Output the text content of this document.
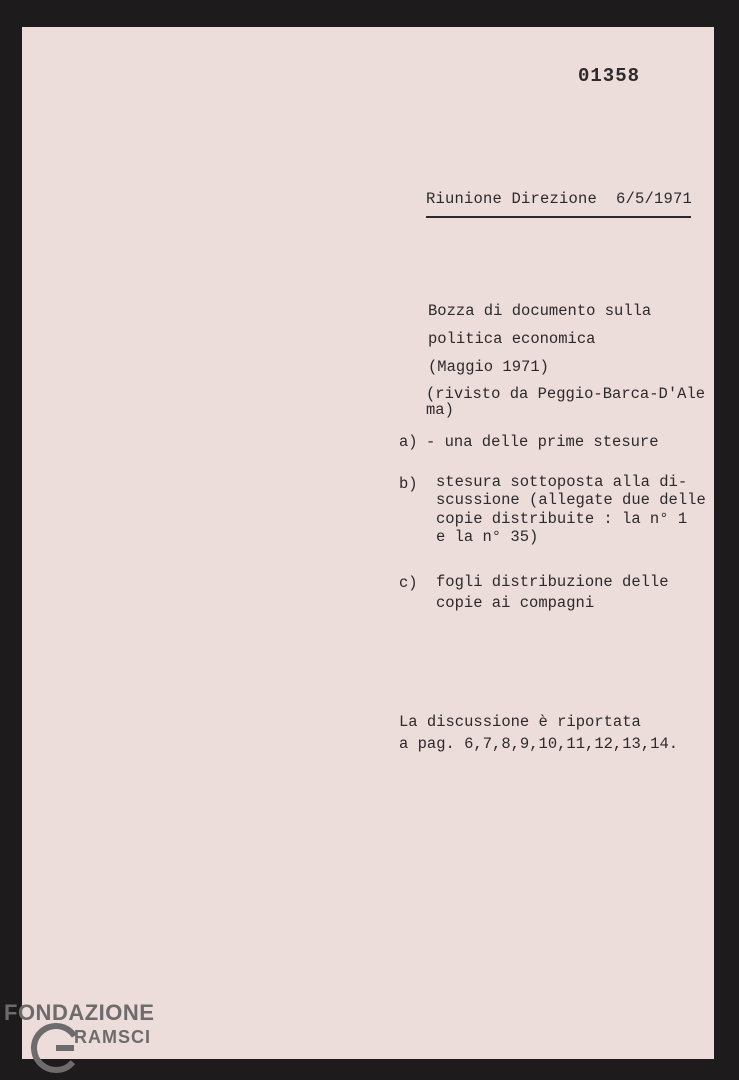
01358
Riunione Direzione  6/5/1971
Bozza di documento sulla
politica economica
(Maggio 1971)
(rivisto da Peggio-Barca-D'Ale
ma)
a) - una delle prime stesure
b) stesura sottoposta alla di-
scussione (allegate due delle
copie distribuite : la n° 1
e la n° 35)
c) fogli distribuzione delle
copie ai compagni
La discussione è riportata
a pag. 6,7,8,9,10,11,12,13,14.
FONDAZIONE
RAMSCI
